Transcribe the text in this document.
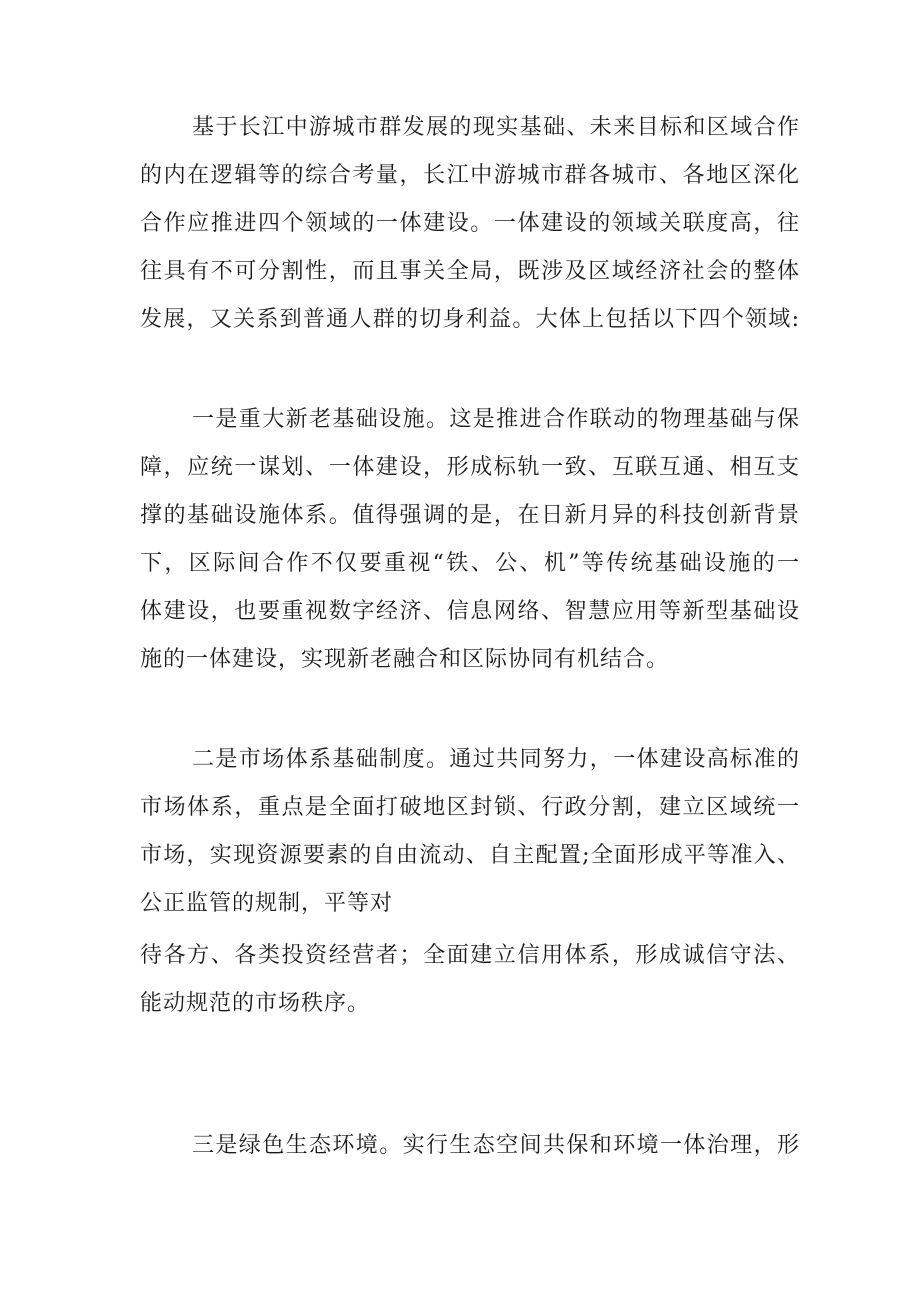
基于长江中游城市群发展的现实基础、未来目标和区域合作
的内在逻辑等的综合考量，长江中游城市群各城市、各地区深化
合作应推进四个领域的一体建设。一体建设的领域关联度高，往
往具有不可分割性，而且事关全局，既涉及区域经济社会的整体
发展，又关系到普通人群的切身利益。大体上包括以下四个领域:
一是重大新老基础设施。这是推进合作联动的物理基础与保
障，应统一谋划、一体建设，形成标轨一致、互联互通、相互支
撑的基础设施体系。值得强调的是，在日新月异的科技创新背景
下，区际间合作不仅要重视“铁、公、机”等传统基础设施的一
体建设，也要重视数字经济、信息网络、智慧应用等新型基础设
施的一体建设，实现新老融合和区际协同有机结合。
二是市场体系基础制度。通过共同努力，一体建设高标准的
市场体系，重点是全面打破地区封锁、行政分割，建立区域统一
市场，实现资源要素的自由流动、自主配置;全面形成平等准入、
公正监管的规制，平等对
待各方、各类投资经营者；全面建立信用体系，形成诚信守法、
能动规范的市场秩序。
三是绿色生态环境。实行生态空间共保和环境一体治理，形
